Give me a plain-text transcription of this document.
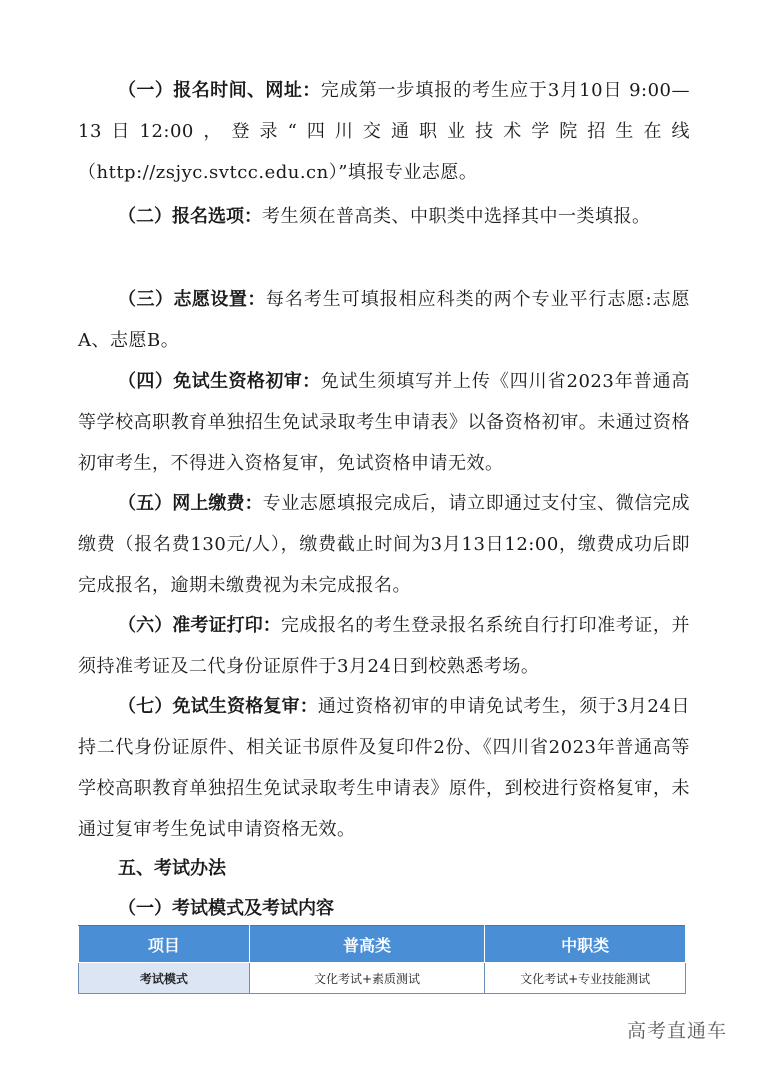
（一）报名时间、网址：完成第一步填报的考生应于3月10日 9:00—13日12:00，登录“四川交通职业技术学院招生在线（http://zsjyc.svtcc.edu.cn）”填报专业志愿。

（二）报名选项：考生须在普高类、中职类中选择其中一类填报。

（三）志愿设置：每名考生可填报相应科类的两个专业平行志愿:志愿A、志愿B。

（四）免试生资格初审：免试生须填写并上传《四川省2023年普通高等学校高职教育单独招生免试录取考生申请表》以备资格初审。未通过资格初审考生，不得进入资格复审，免试资格申请无效。

（五）网上缴费：专业志愿填报完成后，请立即通过支付宝、微信完成缴费（报名费130元/人），缴费截止时间为3月13日12:00，缴费成功后即完成报名，逾期未缴费视为未完成报名。

（六）准考证打印：完成报名的考生登录报名系统自行打印准考证，并须持准考证及二代身份证原件于3月24日到校熟悉考场。

（七）免试生资格复审：通过资格初审的申请免试考生，须于3月24日持二代身份证原件、相关证书原件及复印件2份、《四川省2023年普通高等学校高职教育单独招生免试录取考生申请表》原件，到校进行资格复审，未通过复审考生免试申请资格无效。

五、考试办法
（一）考试模式及考试内容
项目	普高类	中职类
考试模式	文化考试+素质测试	文化考试+专业技能测试
高考直通车
